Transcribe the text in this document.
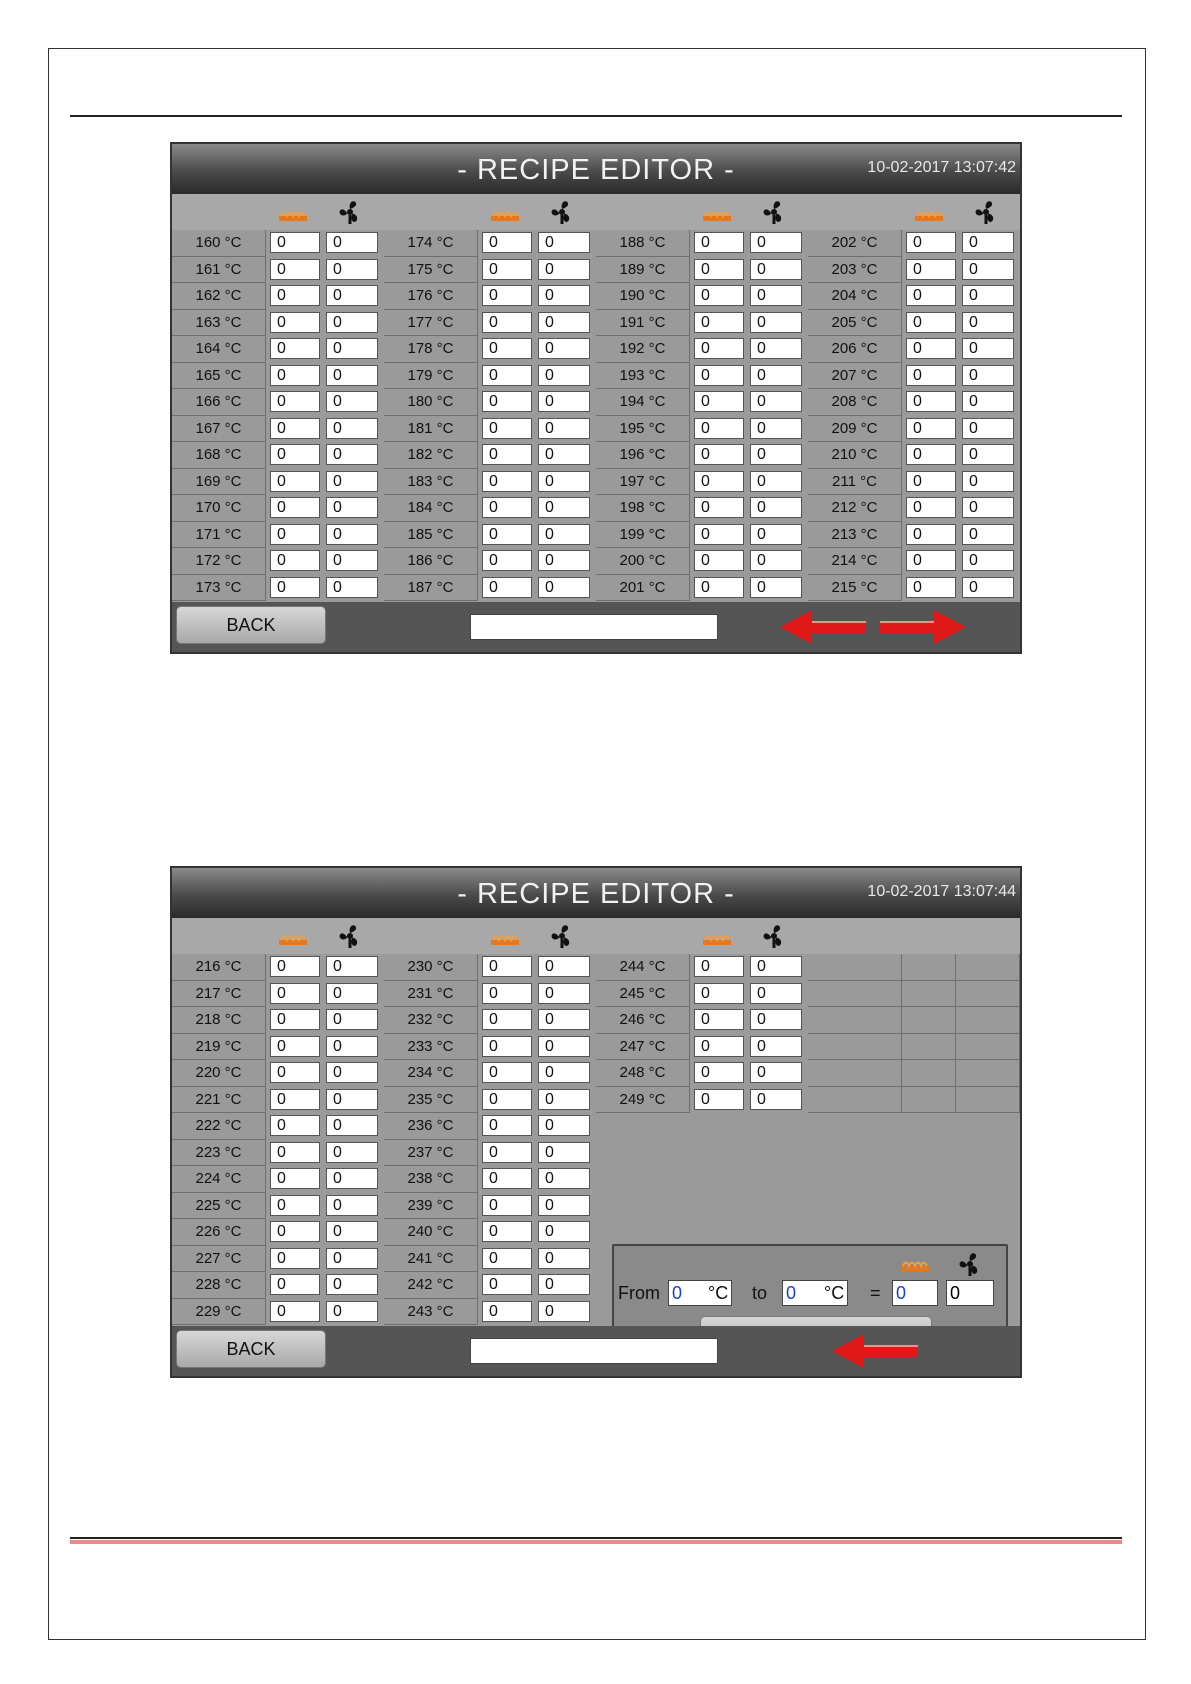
- RECIPE EDITOR -	10-02-2017 13:07:42
202 °C	0	0
203 °C	0	0
204 °C	0	0
205 °C	0	0
206 °C	0	0
207 °C	0	0
208 °C	0	0
209 °C	0	0
210 °C	0	0
211 °C	0	0
212 °C	0	0
213 °C	0	0
214 °C	0	0
215 °C	0	0
188 °C	0	0
189 °C	0	0
190 °C	0	0
191 °C	0	0
192 °C	0	0
193 °C	0	0
194 °C	0	0
195 °C	0	0
196 °C	0	0
197 °C	0	0
198 °C	0	0
199 °C	0	0
200 °C	0	0
201 °C	0	0
174 °C	0	0
175 °C	0	0
176 °C	0	0
177 °C	0	0
178 °C	0	0
179 °C	0	0
180 °C	0	0
181 °C	0	0
182 °C	0	0
183 °C	0	0
184 °C	0	0
185 °C	0	0
186 °C	0	0
187 °C	0	0
160 °C	0	0
161 °C	0	0
162 °C	0	0
163 °C	0	0
164 °C	0	0
165 °C	0	0
166 °C	0	0
167 °C	0	0
168 °C	0	0
169 °C	0	0
170 °C	0	0
171 °C	0	0
172 °C	0	0
173 °C	0	0
BACK
- RECIPE EDITOR -	10-02-2017 13:07:44
244 °C	0	0
245 °C	0	0
246 °C	0	0
247 °C	0	0
248 °C	0	0
249 °C	0	0
230 °C	0	0
231 °C	0	0
232 °C	0	0
233 °C	0	0
234 °C	0	0
235 °C	0	0
236 °C	0	0
237 °C	0	0
238 °C	0	0
239 °C	0	0
240 °C	0	0
241 °C	0	0
242 °C	0	0
243 °C	0	0
216 °C	0	0
217 °C	0	0
218 °C	0	0
219 °C	0	0
220 °C	0	0
221 °C	0	0
222 °C	0	0
223 °C	0	0
224 °C	0	0
225 °C	0	0
226 °C	0	0
227 °C	0	0
228 °C	0	0
229 °C	0	0
From 0	°C to 0	°C = 0	0
BACK
